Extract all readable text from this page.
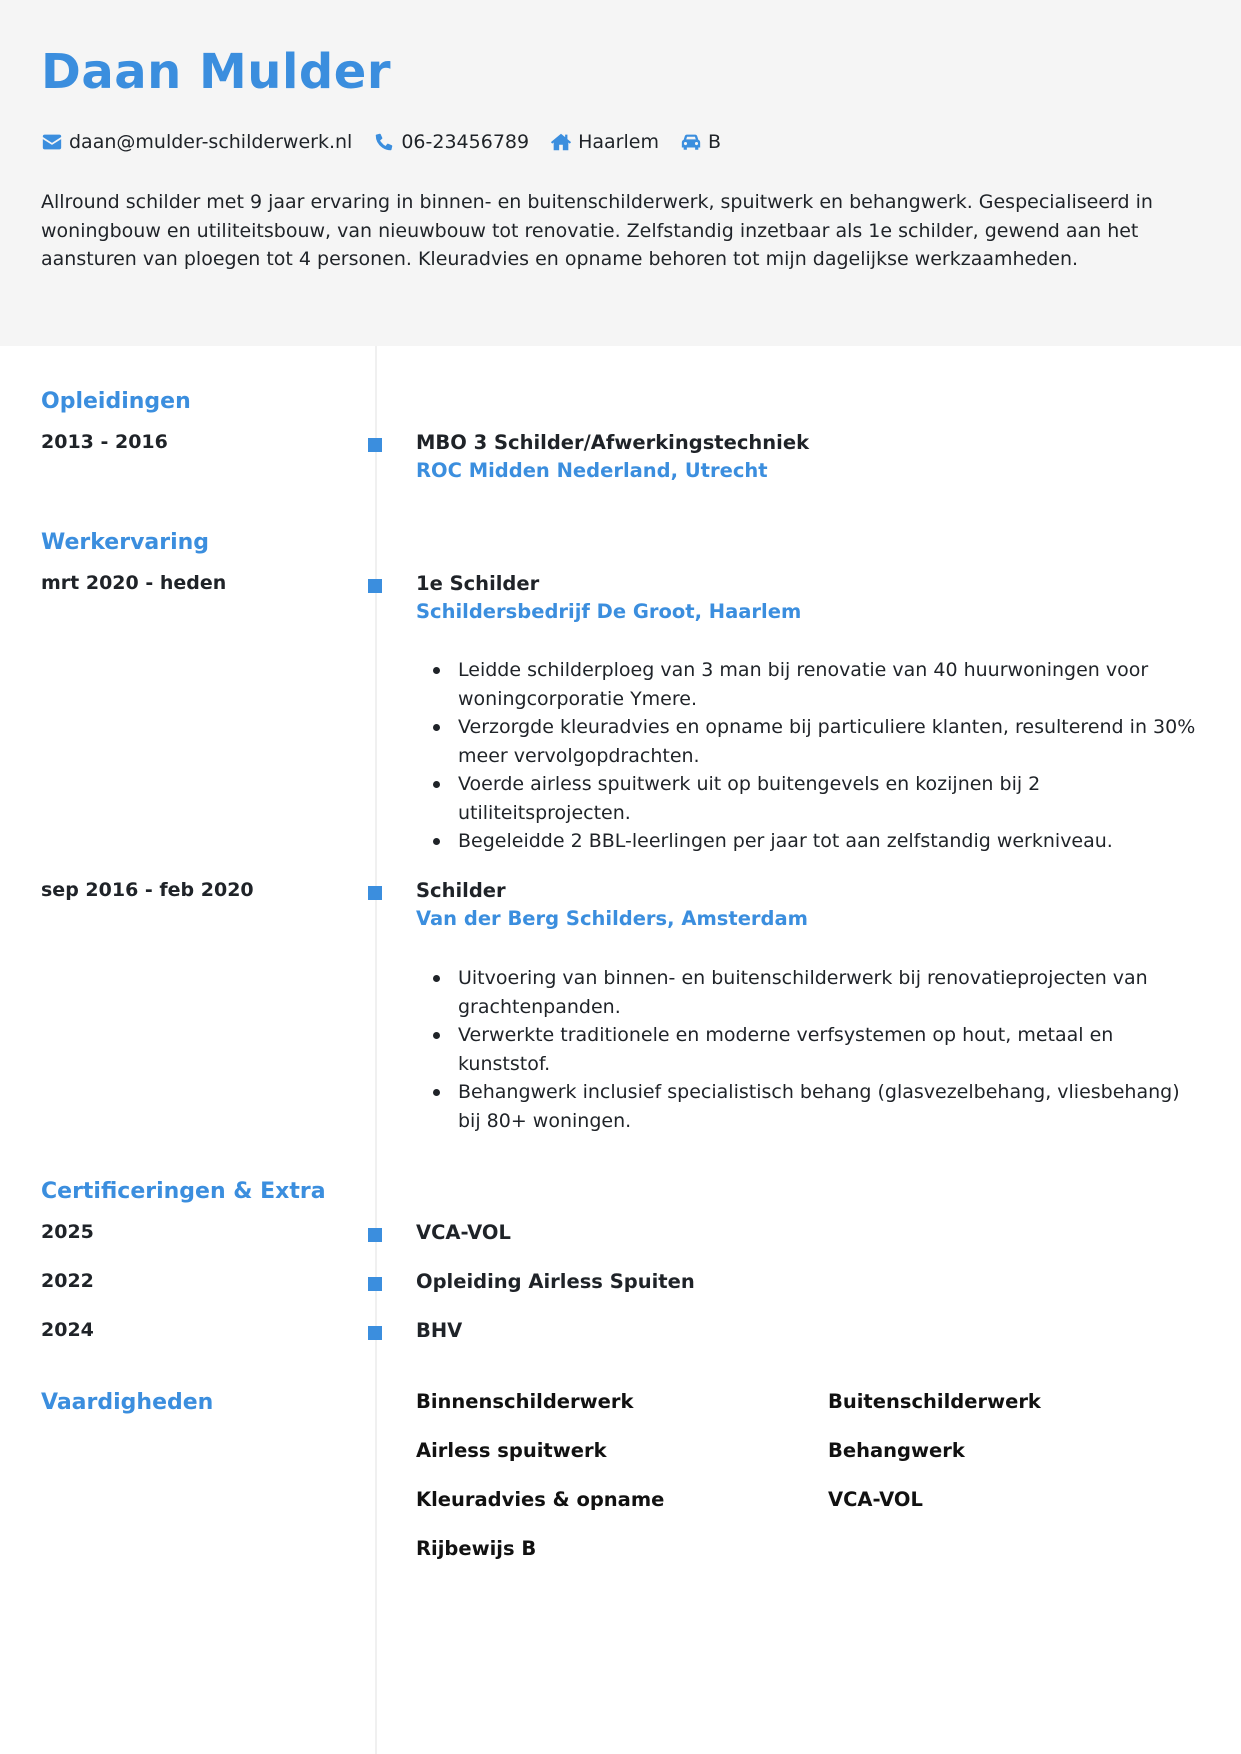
Daan Mulder
daan@mulder-schilderwerk.nl	06-23456789	Haarlem	B

Allround schilder met 9 jaar ervaring in binnen- en buitenschilderwerk, spuitwerk en behangwerk. Gespecialiseerd in woningbouw en utiliteitsbouw, van nieuwbouw tot renovatie. Zelfstandig inzetbaar als 1e schilder, gewend aan het aansturen van ploegen tot 4 personen. Kleuradvies en opname behoren tot mijn dagelijkse werkzaamheden.

Opleidingen
2013 - 2016	MBO 3 Schilder/Afwerkingstechniek
ROC Midden Nederland, Utrecht
Werkervaring
mrt 2020 - heden	1e Schilder
Schildersbedrijf De Groot, Haarlem
Leidde schilderploeg van 3 man bij renovatie van 40 huurwoningen voor woningcorporatie Ymere.
Verzorgde kleuradvies en opname bij particuliere klanten, resulterend in 30% meer vervolgopdrachten.
Voerde airless spuitwerk uit op buitengevels en kozijnen bij 2 utiliteitsprojecten.
Begeleidde 2 BBL-leerlingen per jaar tot aan zelfstandig werkniveau.
sep 2016 - feb 2020	Schilder
Van der Berg Schilders, Amsterdam
Uitvoering van binnen- en buitenschilderwerk bij renovatieprojecten van grachtenpanden.
Verwerkte traditionele en moderne verfsystemen op hout, metaal en kunststof.
Behangwerk inclusief specialistisch behang (glasvezelbehang, vliesbehang) bij 80+ woningen.
Certificeringen & Extra
2025	VCA-VOL
2022	Opleiding Airless Spuiten
2024	BHV
Vaardigheden	Binnenschilderwerk	Buitenschilderwerk
Airless spuitwerk	Behangwerk
Kleuradvies & opname	VCA-VOL
Rijbewijs B
